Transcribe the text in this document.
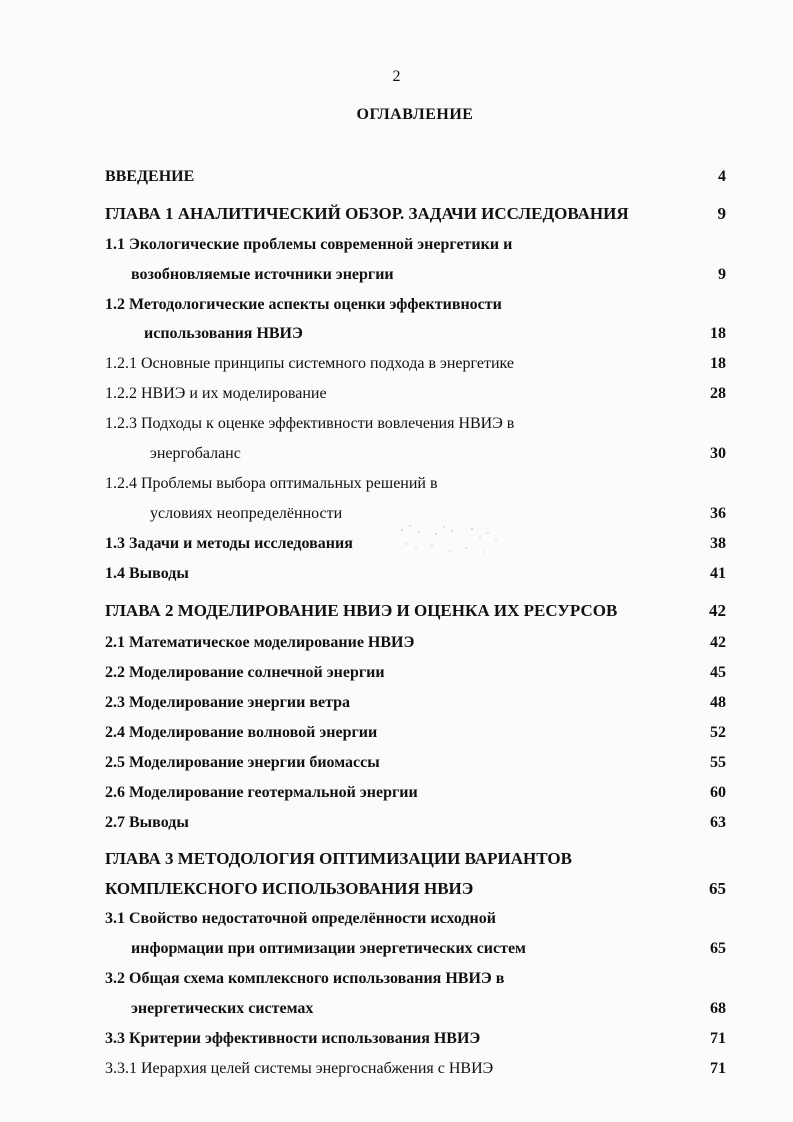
2
ОГЛАВЛЕНИЕ
ВВЕДЕНИЕ	4
ГЛАВА 1 АНАЛИТИЧЕСКИЙ ОБЗОР. ЗАДАЧИ ИССЛЕДОВАНИЯ	9
1.1 Экологические проблемы современной энергетики и
возобновляемые источники энергии	9
1.2 Методологические аспекты оценки эффективности
использования НВИЭ	18
1.2.1 Основные принципы системного подхода в энергетике	18
1.2.2 НВИЭ и их моделирование	28
1.2.3 Подходы к оценке эффективности вовлечения НВИЭ в
энергобаланс	30
1.2.4 Проблемы выбора оптимальных решений в
условиях неопределённости	36
1.3 Задачи и методы исследования	38
1.4 Выводы	41
ГЛАВА 2 МОДЕЛИРОВАНИЕ НВИЭ И ОЦЕНКА ИХ РЕСУРСОВ	42
2.1 Математическое моделирование НВИЭ	42
2.2 Моделирование солнечной энергии	45
2.3 Моделирование энергии ветра	48
2.4 Моделирование волновой энергии	52
2.5 Моделирование энергии биомассы	55
2.6 Моделирование геотермальной энергии	60
2.7 Выводы	63
ГЛАВА 3 МЕТОДОЛОГИЯ ОПТИМИЗАЦИИ ВАРИАНТОВ
КОМПЛЕКСНОГО ИСПОЛЬЗОВАНИЯ НВИЭ	65
3.1 Свойство недостаточной определённости исходной
информации при оптимизации энергетических систем	65
3.2 Общая схема комплексного использования НВИЭ в
энергетических системах	68
3.3 Критерии эффективности использования НВИЭ	71
3.3.1 Иерархия целей системы энергоснабжения с НВИЭ	71
